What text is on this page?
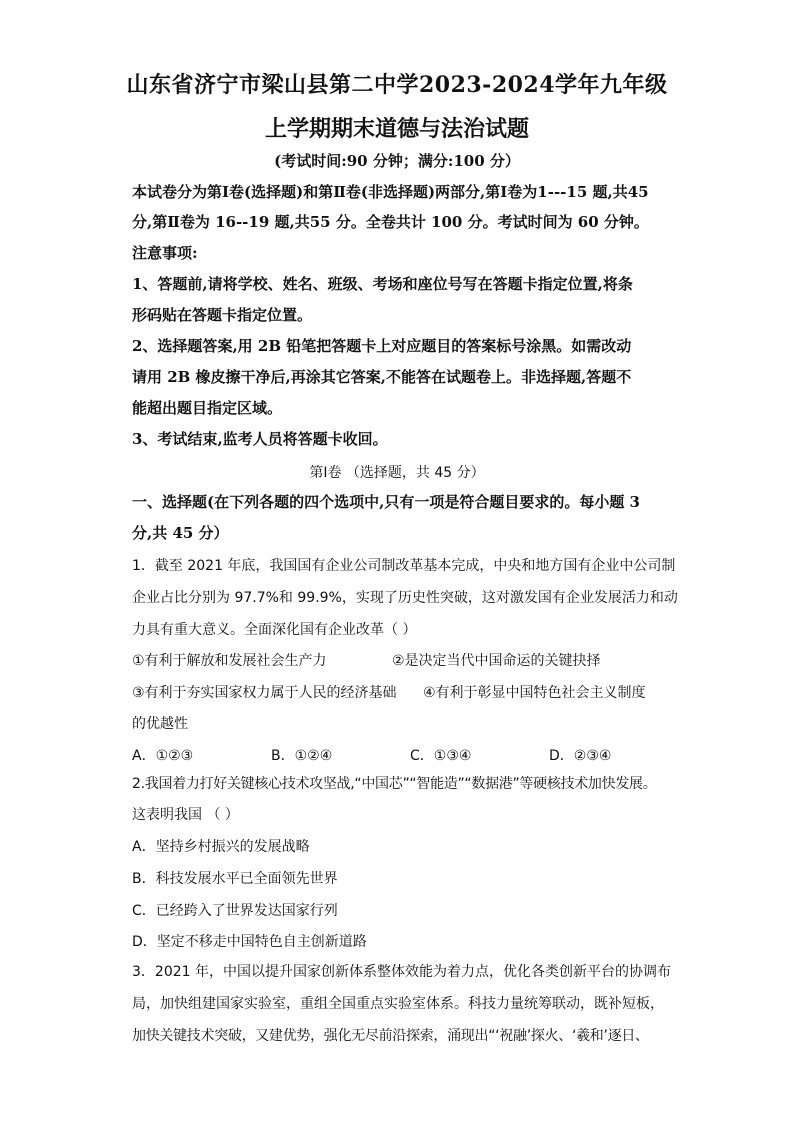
山东省济宁市梁山县第二中学2023-2024学年九年级
上学期期末道德与法治试题
(考试时间:90 分钟；满分:100 分）
本试卷分为第Ⅰ卷(选择题)和第Ⅱ卷(非选择题)两部分,第Ⅰ卷为1---15 题,共45
分,第Ⅱ卷为 16--19 题,共55 分。全卷共计 100 分。考试时间为 60 分钟。
注意事项:
1、答题前,请将学校、姓名、班级、考场和座位号写在答题卡指定位置,将条
形码贴在答题卡指定位置。
2、选择题答案,用 2B 铅笔把答题卡上对应题目的答案标号涂黑。如需改动
请用 2B 橡皮擦干净后,再涂其它答案,不能答在试题卷上。非选择题,答题不
能超出题目指定区域。
3、考试结束,监考人员将答题卡收回。
第Ⅰ卷 （选择题，共 45 分）
一、选择题(在下列各题的四个选项中,只有一项是符合题目要求的。每小题 3
分,共 45 分）
1．截至 2021 年底，我国国有企业公司制改革基本完成，中央和地方国有企业中公司制
企业占比分别为 97.7%和 99.9%，实现了历史性突破，这对激发国有企业发展活力和动
力具有重大意义。全面深化国有企业改革（ ）
①有利于解放和发展社会生产力	②是决定当代中国命运的关键抉择
③有利于夯实国家权力属于人民的经济基础 ④有利于彰显中国特色社会主义制度
的优越性
A．①②③	B．①②④	C．①③④	D．②③④
2.我国着力打好关键核心技术攻坚战,“中国芯”“智能造”“数据港”等硬核技术加快发展。
这表明我国 （ ）
A．坚持乡村振兴的发展战略
B．科技发展水平已全面领先世界
C．已经跨入了世界发达国家行列
D．坚定不移走中国特色自主创新道路
3．2021 年，中国以提升国家创新体系整体效能为着力点，优化各类创新平台的协调布
局，加快组建国家实验室，重组全国重点实验室体系。科技力量统筹联动，既补短板，
加快关键技术突破，又建优势，强化无尽前沿探索，涌现出“‘祝融’探火、‘羲和’逐日、
